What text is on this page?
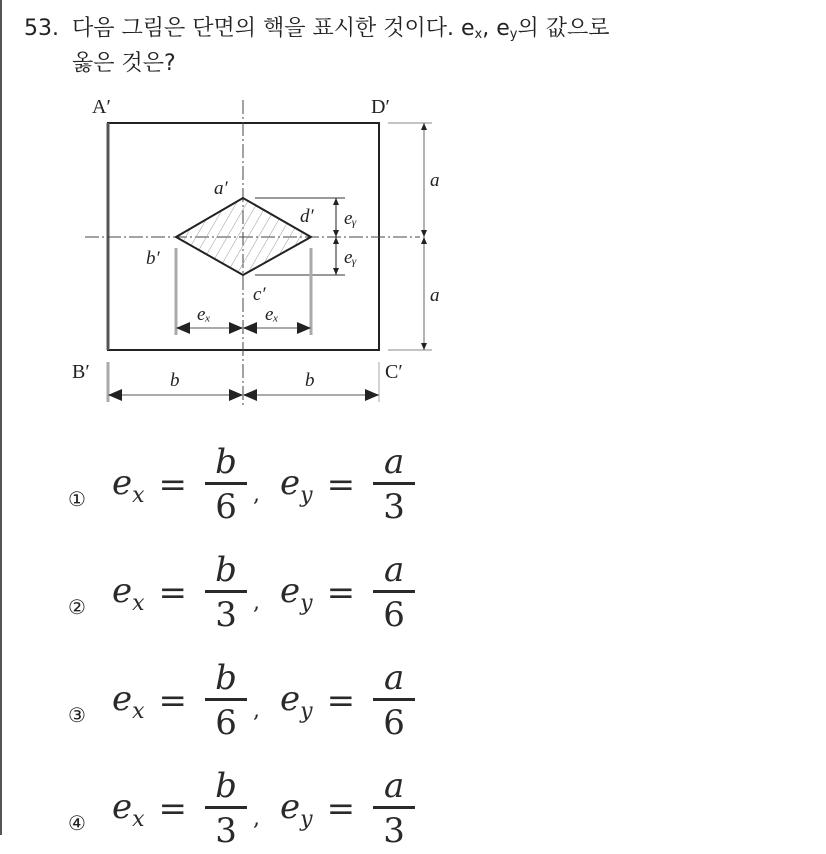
53. 다음 그림은 단면의 핵을 표시한 것이다. $e_x$, $e_y$의 값으로
옳은 것은?
A′	D′
B′	C′
a′
b′
c′
d′ eᵧ
eᵧ
eₓ	eₓ
a
a
b	b
① $e_x = \frac{b}{6}$ , $e_y = \frac{a}{3}$
② $e_x = \frac{b}{3}$ , $e_y = \frac{a}{6}$
③ $e_x = \frac{b}{6}$ , $e_y = \frac{a}{6}$
④ $e_x = \frac{b}{3}$ , $e_y = \frac{a}{3}$
